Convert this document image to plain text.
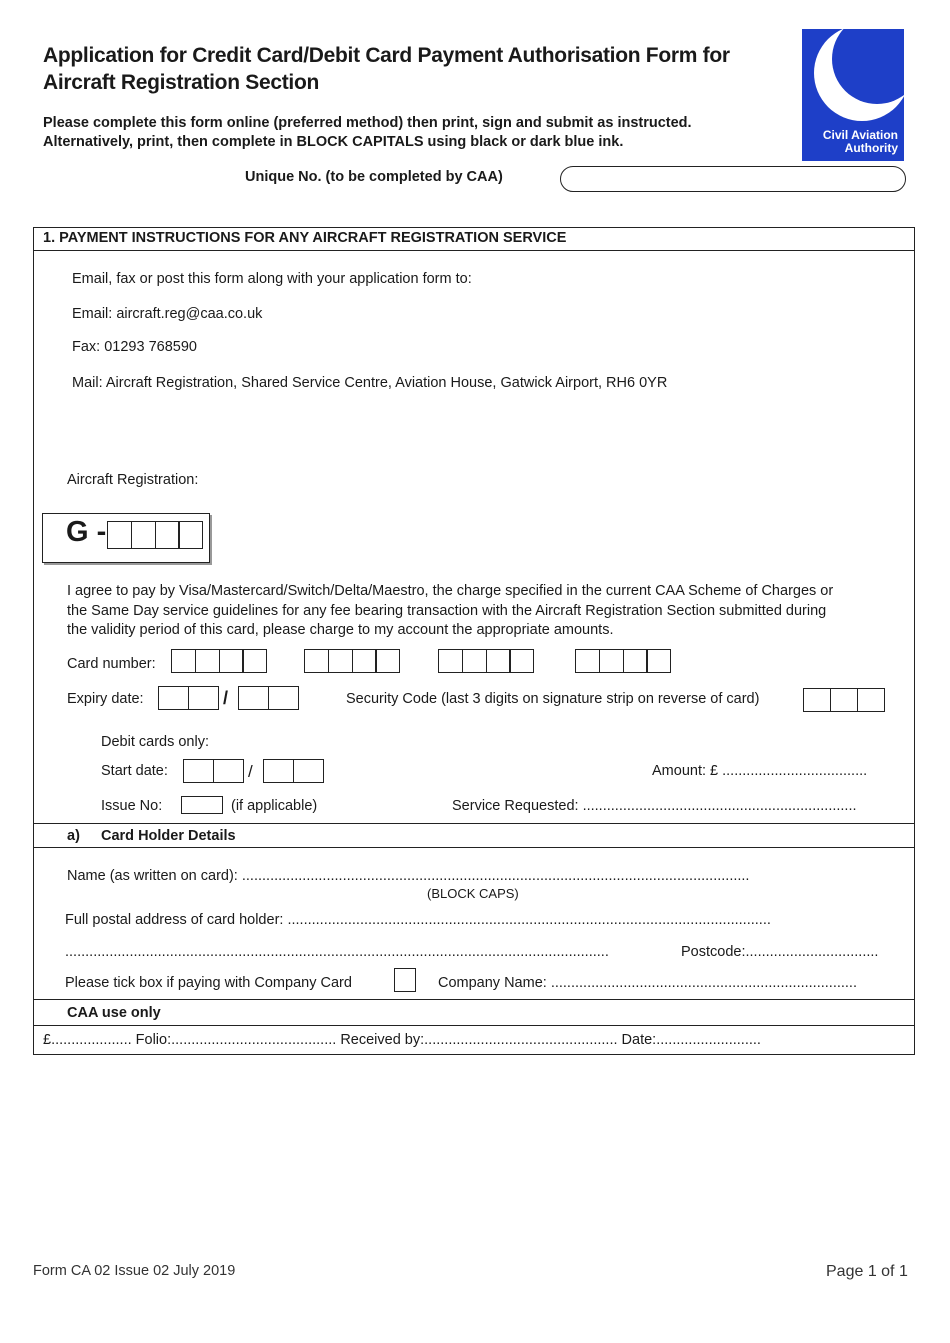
Application for Credit Card/Debit Card Payment Authorisation Form for
Aircraft Registration Section
Please complete this form online (preferred method) then print, sign and submit as instructed.
Alternatively, print, then complete in BLOCK CAPITALS using black or dark blue ink.	Civil Aviation
Authority
Unique No. (to be completed by CAA)
1. PAYMENT INSTRUCTIONS FOR ANY AIRCRAFT REGISTRATION SERVICE
Email, fax or post this form along with your application form to:
Email: aircraft.reg@caa.co.uk
Fax: 01293 768590
Mail: Aircraft Registration, Shared Service Centre, Aviation House, Gatwick Airport, RH6 0YR
Aircraft Registration:
G -
I agree to pay by Visa/Mastercard/Switch/Delta/Maestro, the charge specified in the current CAA Scheme of Charges or
the Same Day service guidelines for any fee bearing transaction with the Aircraft Registration Section submitted during
the validity period of this card, please charge to my account the appropriate amounts.
Card number:
Expiry date:	/	Security Code (last 3 digits on signature strip on reverse of card)
Debit cards only:
Start date:	/	Amount: £ ....................................
Issue No:	(if applicable)	Service Requested: ....................................................................
a) Card Holder Details
Name (as written on card): ..............................................................................................................................
(BLOCK CAPS)
Full postal address of card holder: ........................................................................................................................
.......................................................................................................................................	Postcode:.................................
Please tick box if paying with Company Card	Company Name: ............................................................................
CAA use only
£.................... Folio:......................................... Received by:................................................ Date:..........................
Form CA 02 Issue 02 July 2019	Page 1 of 1
